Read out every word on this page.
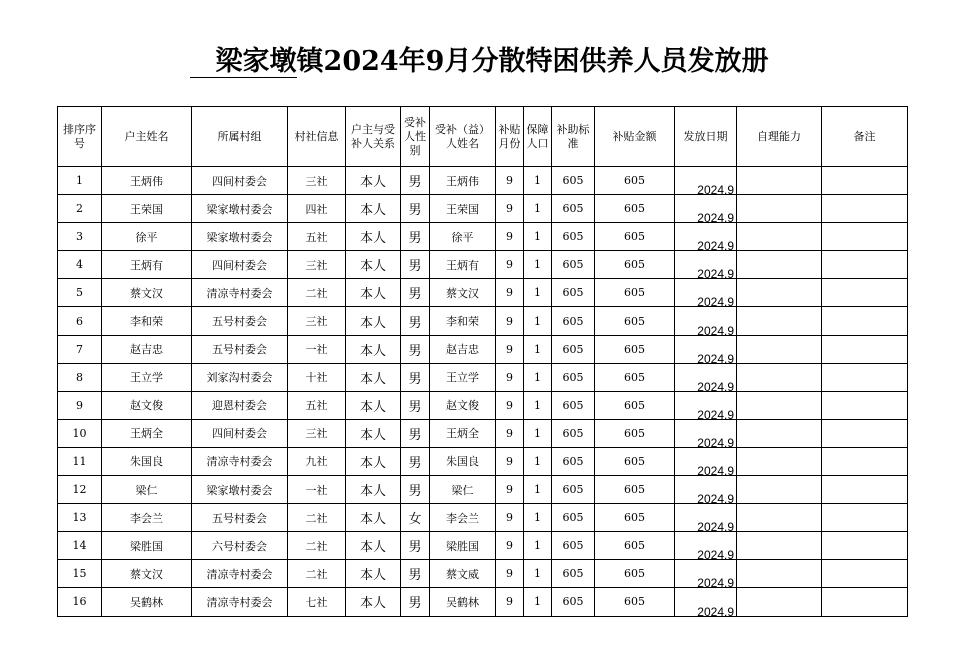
梁家墩镇2024年9月分散特困供养人员发放册
排序序号	户主姓名	所属村组	村社信息	户主与受补人关系	受补人性别	受补（益）人姓名	补贴月份	保障人口	补助标准	补贴金额	发放日期	自理能力	备注
1	王炳伟	四间村委会	三社	本人	男	王炳伟	9	1	605	605	2024.9		
2	王荣国	梁家墩村委会	四社	本人	男	王荣国	9	1	605	605	2024.9		
3	徐平	梁家墩村委会	五社	本人	男	徐平	9	1	605	605	2024.9		
4	王炳有	四间村委会	三社	本人	男	王炳有	9	1	605	605	2024.9		
5	蔡文汉	清凉寺村委会	二社	本人	男	蔡文汉	9	1	605	605	2024.9		
6	李和荣	五号村委会	三社	本人	男	李和荣	9	1	605	605	2024.9		
7	赵吉忠	五号村委会	一社	本人	男	赵吉忠	9	1	605	605	2024.9		
8	王立学	刘家沟村委会	十社	本人	男	王立学	9	1	605	605	2024.9		
9	赵文俊	迎恩村委会	五社	本人	男	赵文俊	9	1	605	605	2024.9		
10	王炳全	四间村委会	三社	本人	男	王炳全	9	1	605	605	2024.9		
11	朱国良	清凉寺村委会	九社	本人	男	朱国良	9	1	605	605	2024.9		
12	梁仁	梁家墩村委会	一社	本人	男	梁仁	9	1	605	605	2024.9		
13	李会兰	五号村委会	二社	本人	女	李会兰	9	1	605	605	2024.9		
14	梁胜国	六号村委会	二社	本人	男	梁胜国	9	1	605	605	2024.9		
15	蔡文汉	清凉寺村委会	二社	本人	男	蔡文威	9	1	605	605	2024.9		
16	吴鹤林	清凉寺村委会	七社	本人	男	吴鹤林	9	1	605	605	2024.9		
